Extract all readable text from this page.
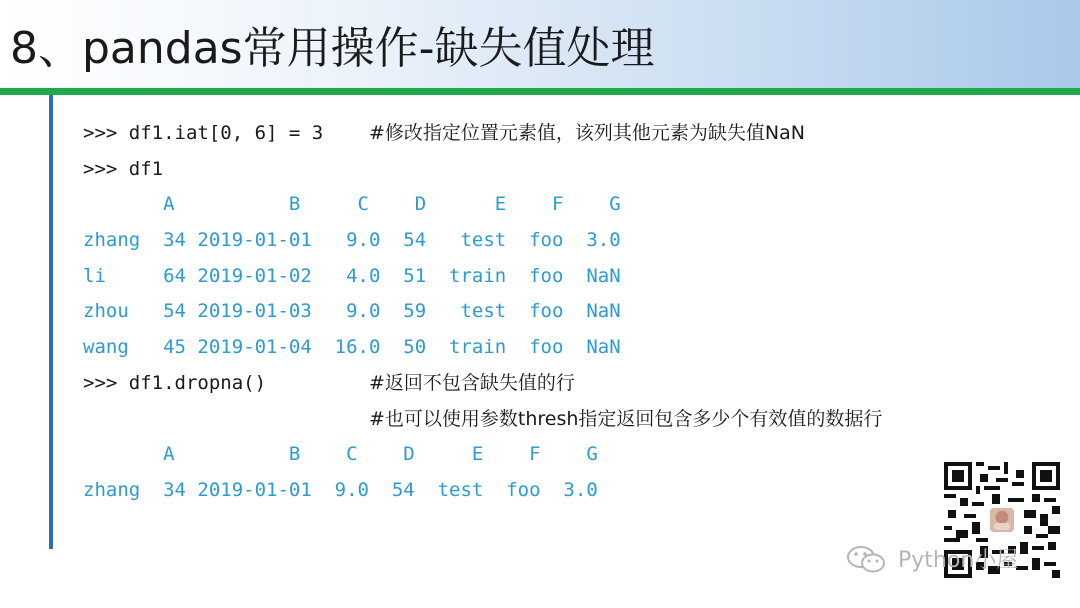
8、pandas常用操作-缺失值处理
>>> df1.iat[0, 6] = 3 #修改指定位置元素值，该列其他元素为缺失值NaN
>>> df1
A          B     C    D      E    F    G
zhang  34 2019-01-01   9.0  54   test  foo  3.0
li     64 2019-01-02   4.0  51  train  foo  NaN
zhou   54 2019-01-03   9.0  59   test  foo  NaN
wang   45 2019-01-04  16.0  50  train  foo  NaN
>>> df1.dropna()	#返回不包含缺失值的行
#也可以使用参数thresh指定返回包含多少个有效值的数据行
A          B    C    D     E    F    G
zhang  34 2019-01-01  9.0  54  test  foo  3.0
Python小屋
